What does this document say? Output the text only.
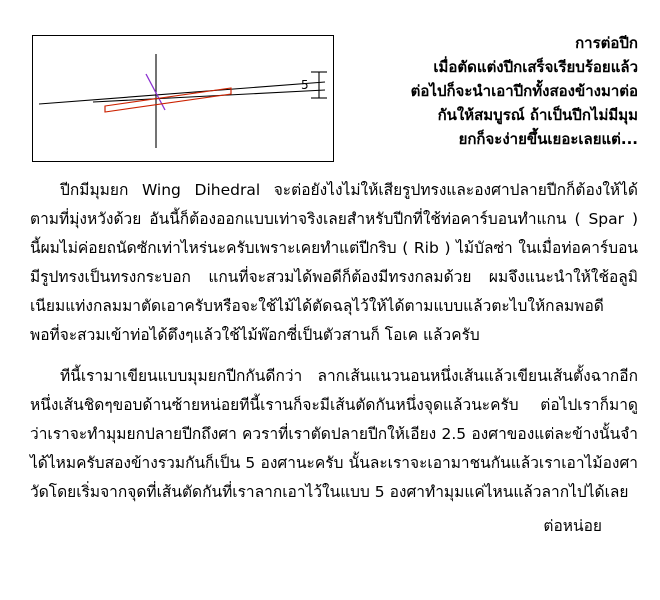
5
การต่อปีก
เมื่อตัดแต่งปีกเสร็จเรียบร้อยแล้ว
ต่อไปก็จะนำเอาปีกทั้งสองข้างมาต่อ
กันให้สมบูรณ์ ถ้าเป็นปีกไม่มีมุม
ยกก็จะง่ายขึ้นเยอะเลยแต่...

ปีกมีมุมยก Wing Dihedral จะต่อยังไงไม่ให้เสียรูปทรงและองศาปลายปีกก็ต้องให้ได้ตามที่มุ่งหวังด้วย อันนี้ก็ต้องออกแบบเท่าจริงเลยสำหรับปีกที่ใช้ท่อคาร์บอนทำแกน ( Spar ) นี้ผมไม่ค่อยถนัดซักเท่าไหร่นะครับเพราะเคยทำแต่ปีกริบ ( Rib ) ไม้บัลซ่า ในเมื่อท่อคาร์บอนมีรูปทรงเป็นทรงกระบอก แกนที่จะสวมได้พอดีก็ต้องมีทรงกลมด้วย ผมจึงแนะนำให้ใช้อลูมิเนียมแท่งกลมมาตัดเอาครับหรือจะใช้ไม้ได้ตัดฉลุไว้ให้ได้ตามแบบแล้วตะไบให้กลมพอดี พอที่จะสวมเข้าท่อได้ตึงๆแล้วใช้ไม้พ๊อกซี่เป็นตัวสานก็ โอเค แล้วครับ

ทีนี้เรามาเขียนแบบมุมยกปีกกันดีกว่า ลากเส้นแนวนอนหนึ่งเส้นแล้วเขียนเส้นตั้งฉากอีกหนึ่งเส้นชิดๆขอบด้านซ้ายหน่อยทีนี้เรานก็จะมีเส้นตัดกันหนึ่งจุดแล้วนะครับ ต่อไปเราก็มาดูว่าเราจะทำมุมยกปลายปีกถึงศา ควราที่เราตัดปลายปีกให้เอียง 2.5 องศาของแต่ละข้างนั้นจำได้ไหมครับสองข้างรวมกันก็เป็น 5 องศานะครับ นั้นละเราจะเอามาชนกันแล้วเราเอาไม้องศาวัดโดยเริ่มจากจุดที่เส้นตัดกันที่เราลากเอาไว้ในแบบ 5 องศาทำมุมแค่ไหนแล้วลากไปได้เลย

ต่อหน่อย
